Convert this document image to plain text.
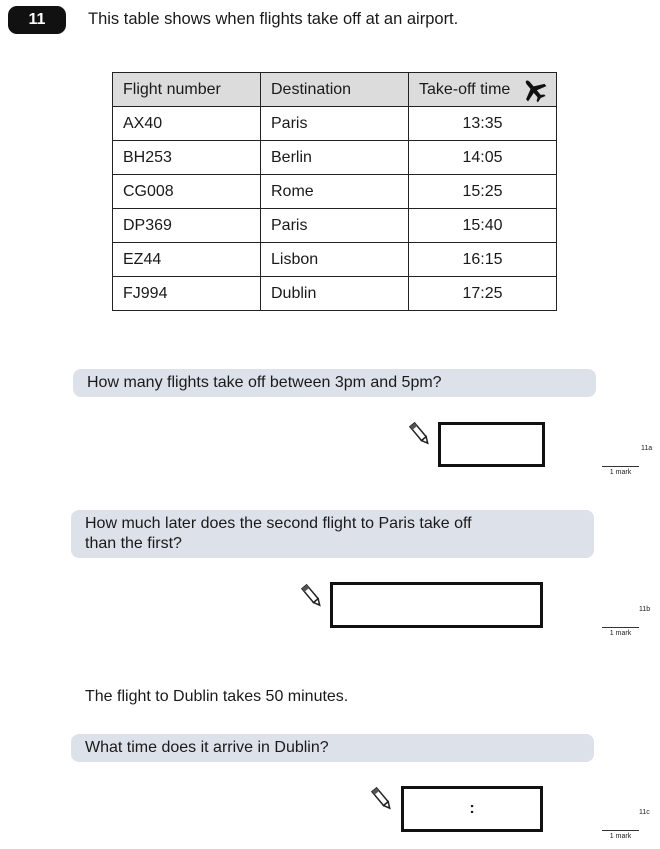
11	This table shows when flights take off at an airport.
Flight number	Destination	Take-off time

AX40	Paris	13:35
BH253	Berlin	14:05
CG008	Rome	15:25
DP369	Paris	15:40
EZ44	Lisbon	16:15
FJ994	Dublin	17:25
How many flights take off between 3pm and 5pm?
11a
1 mark
How much later does the second flight to Paris take off
than the first?
11b
1 mark
The flight to Dublin takes 50 minutes.
What time does it arrive in Dublin?
:	11c
1 mark
